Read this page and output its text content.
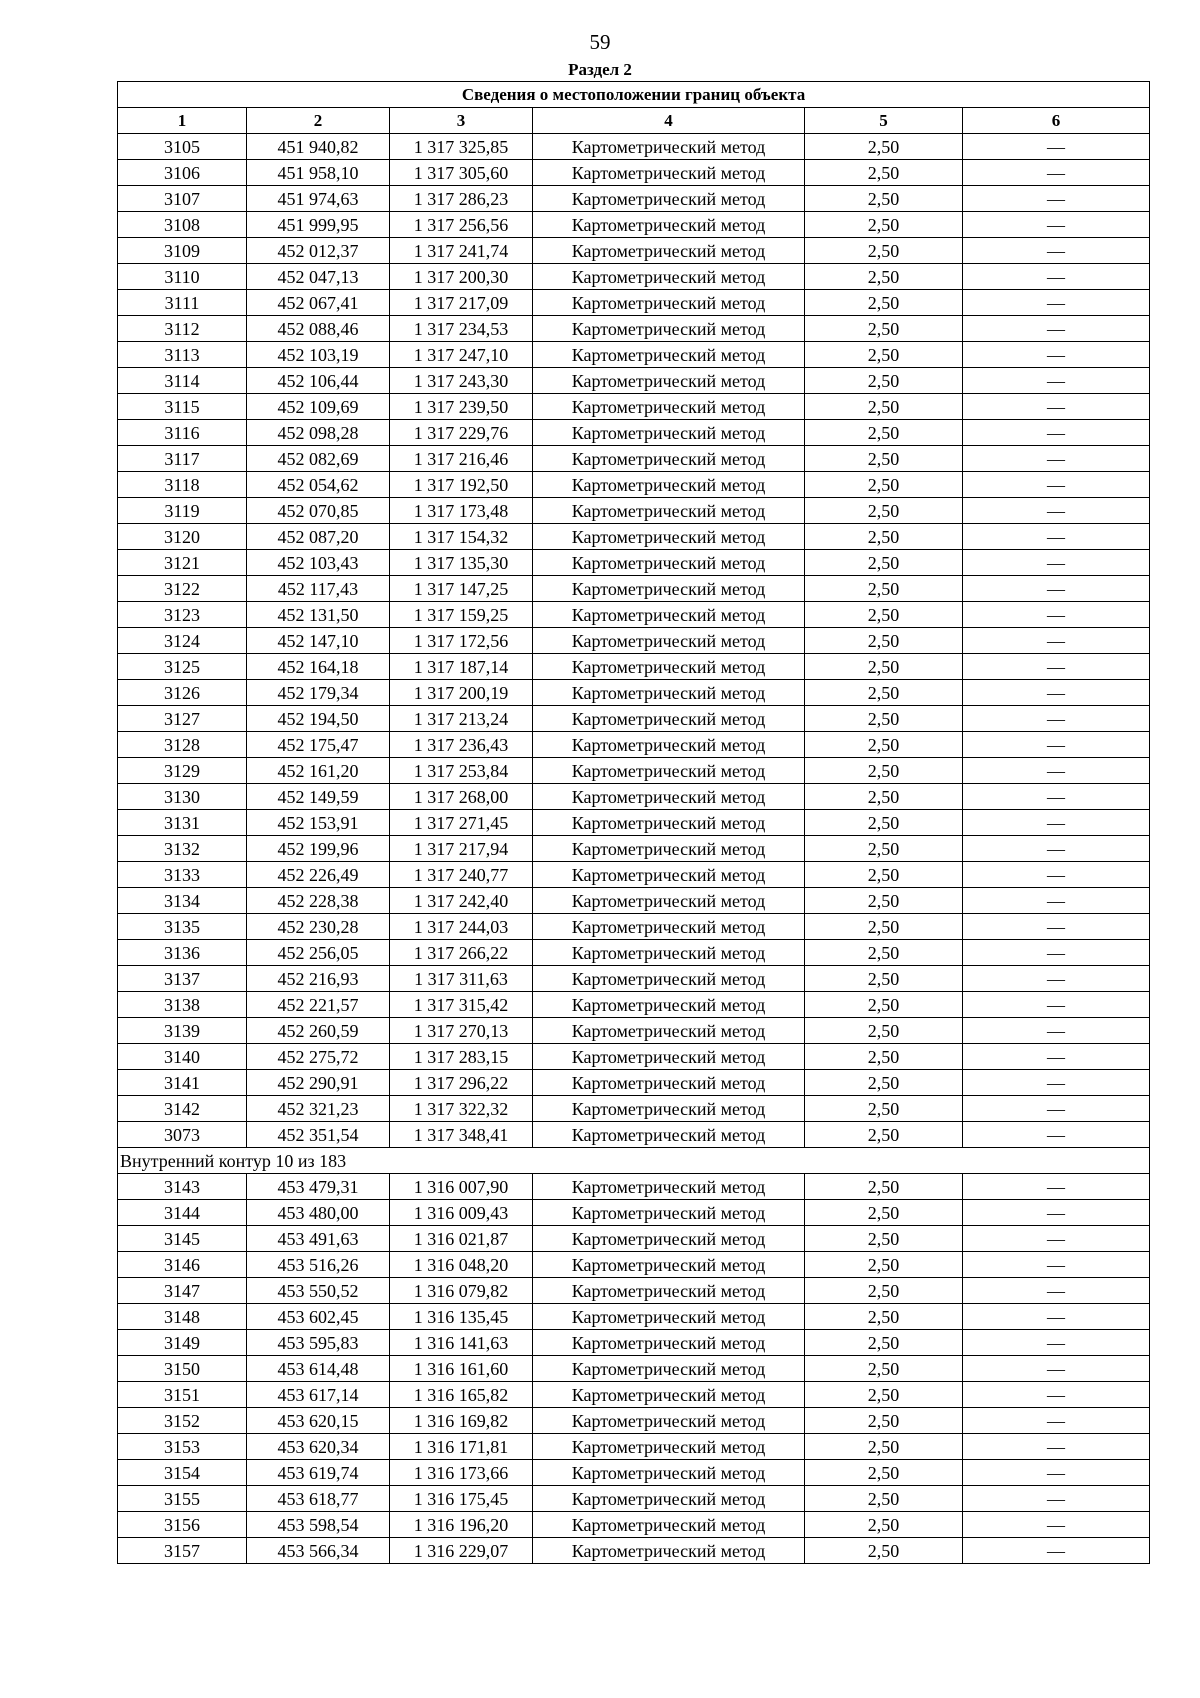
59
Раздел 2
Сведения о местоположении границ объекта					
1	2	3	4	5	6
3105	451 940,82	1 317 325,85	Картометрический метод	2,50	—
3106	451 958,10	1 317 305,60	Картометрический метод	2,50	—
3107	451 974,63	1 317 286,23	Картометрический метод	2,50	—
3108	451 999,95	1 317 256,56	Картометрический метод	2,50	—
3109	452 012,37	1 317 241,74	Картометрический метод	2,50	—
3110	452 047,13	1 317 200,30	Картометрический метод	2,50	—
3111	452 067,41	1 317 217,09	Картометрический метод	2,50	—
3112	452 088,46	1 317 234,53	Картометрический метод	2,50	—
3113	452 103,19	1 317 247,10	Картометрический метод	2,50	—
3114	452 106,44	1 317 243,30	Картометрический метод	2,50	—
3115	452 109,69	1 317 239,50	Картометрический метод	2,50	—
3116	452 098,28	1 317 229,76	Картометрический метод	2,50	—
3117	452 082,69	1 317 216,46	Картометрический метод	2,50	—
3118	452 054,62	1 317 192,50	Картометрический метод	2,50	—
3119	452 070,85	1 317 173,48	Картометрический метод	2,50	—
3120	452 087,20	1 317 154,32	Картометрический метод	2,50	—
3121	452 103,43	1 317 135,30	Картометрический метод	2,50	—
3122	452 117,43	1 317 147,25	Картометрический метод	2,50	—
3123	452 131,50	1 317 159,25	Картометрический метод	2,50	—
3124	452 147,10	1 317 172,56	Картометрический метод	2,50	—
3125	452 164,18	1 317 187,14	Картометрический метод	2,50	—
3126	452 179,34	1 317 200,19	Картометрический метод	2,50	—
3127	452 194,50	1 317 213,24	Картометрический метод	2,50	—
3128	452 175,47	1 317 236,43	Картометрический метод	2,50	—
3129	452 161,20	1 317 253,84	Картометрический метод	2,50	—
3130	452 149,59	1 317 268,00	Картометрический метод	2,50	—
3131	452 153,91	1 317 271,45	Картометрический метод	2,50	—
3132	452 199,96	1 317 217,94	Картометрический метод	2,50	—
3133	452 226,49	1 317 240,77	Картометрический метод	2,50	—
3134	452 228,38	1 317 242,40	Картометрический метод	2,50	—
3135	452 230,28	1 317 244,03	Картометрический метод	2,50	—
3136	452 256,05	1 317 266,22	Картометрический метод	2,50	—
3137	452 216,93	1 317 311,63	Картометрический метод	2,50	—
3138	452 221,57	1 317 315,42	Картометрический метод	2,50	—
3139	452 260,59	1 317 270,13	Картометрический метод	2,50	—
3140	452 275,72	1 317 283,15	Картометрический метод	2,50	—
3141	452 290,91	1 317 296,22	Картометрический метод	2,50	—
3142	452 321,23	1 317 322,32	Картометрический метод	2,50	—
3073	452 351,54	1 317 348,41	Картометрический метод	2,50	—
Внутренний контур 10 из 183					
3143	453 479,31	1 316 007,90	Картометрический метод	2,50	—
3144	453 480,00	1 316 009,43	Картометрический метод	2,50	—
3145	453 491,63	1 316 021,87	Картометрический метод	2,50	—
3146	453 516,26	1 316 048,20	Картометрический метод	2,50	—
3147	453 550,52	1 316 079,82	Картометрический метод	2,50	—
3148	453 602,45	1 316 135,45	Картометрический метод	2,50	—
3149	453 595,83	1 316 141,63	Картометрический метод	2,50	—
3150	453 614,48	1 316 161,60	Картометрический метод	2,50	—
3151	453 617,14	1 316 165,82	Картометрический метод	2,50	—
3152	453 620,15	1 316 169,82	Картометрический метод	2,50	—
3153	453 620,34	1 316 171,81	Картометрический метод	2,50	—
3154	453 619,74	1 316 173,66	Картометрический метод	2,50	—
3155	453 618,77	1 316 175,45	Картометрический метод	2,50	—
3156	453 598,54	1 316 196,20	Картометрический метод	2,50	—
3157	453 566,34	1 316 229,07	Картометрический метод	2,50	—
